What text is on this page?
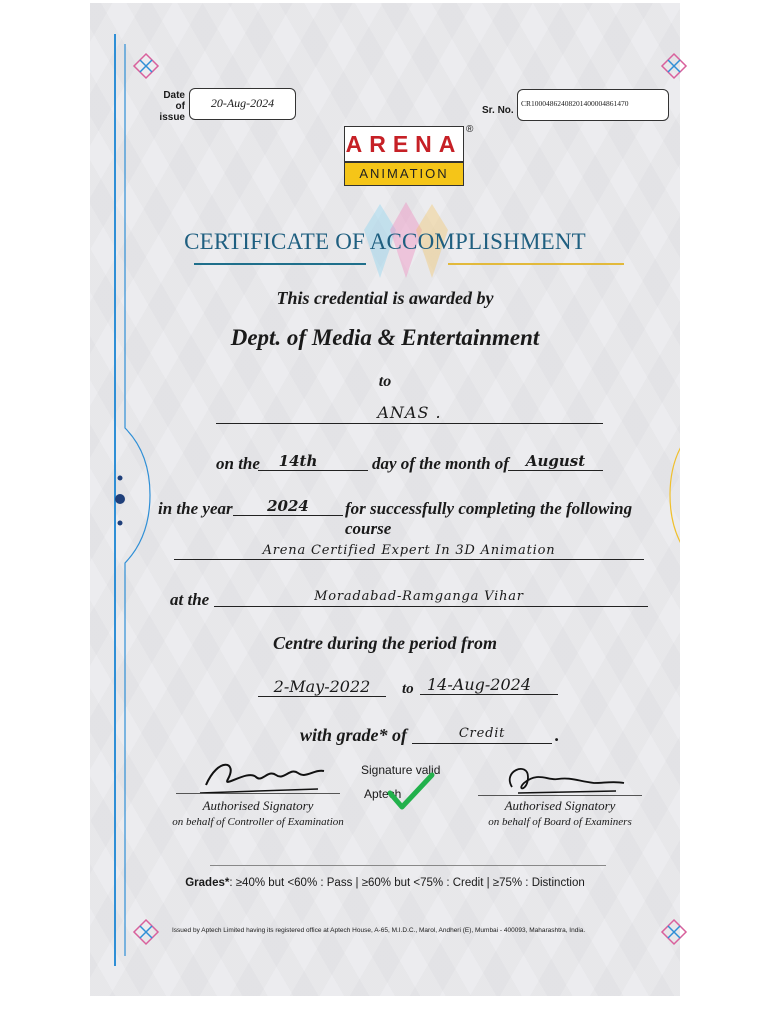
Date
of issue
20-Aug-2024
Sr. No.
CR10004862408201400004861470
ARENA
ANIMATION
®
CERTIFICATE OF ACCOMPLISHMENT
This credential is awarded by
Dept. of Media & Entertainment
to
ANAS .
on the	14th	day of the month of	August
in the year	2024	for successfully completing the following course
Arena Certified Expert In 3D Animation
at the	Moradabad-Ramganga Vihar
Centre during the period from
2-May-2022	to 14-Aug-2024
with grade* of	Credit	.
Authorised Signatory
on behalf of Controller of Examination
Signature valid
Aptech
Authorised Signatory
on behalf of Board of Examiners
Grades*: ≥40% but <60% : Pass | ≥60% but <75% : Credit | ≥75% : Distinction
Issued by Aptech Limited having its registered office at Aptech House, A-65, M.I.D.C., Marol, Andheri (E), Mumbai - 400093, Maharashtra, India.
